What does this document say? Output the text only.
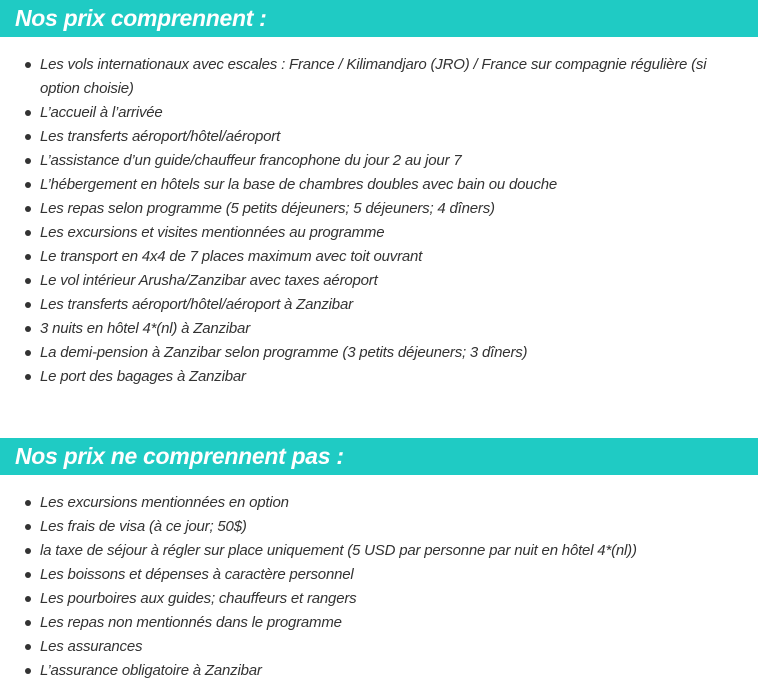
Nos prix comprennent :
Les vols internationaux avec escales : France / Kilimandjaro (JRO) / France sur compagnie régulière (si option choisie)
L’accueil à l’arrivée
Les transferts aéroport/hôtel/aéroport
L’assistance d’un guide/chauffeur francophone du jour 2 au jour 7
L’hébergement en hôtels sur la base de chambres doubles avec bain ou douche
Les repas selon programme (5 petits déjeuners; 5 déjeuners; 4 dîners)
Les excursions et visites mentionnées au programme
Le transport en 4x4 de 7 places maximum avec toit ouvrant
Le vol intérieur Arusha/Zanzibar avec taxes aéroport
Les transferts aéroport/hôtel/aéroport à Zanzibar
3 nuits en hôtel 4*(nl) à Zanzibar
La demi-pension à Zanzibar selon programme (3 petits déjeuners; 3 dîners)
Le port des bagages à Zanzibar
Nos prix ne comprennent pas :
Les excursions mentionnées en option
Les frais de visa (à ce jour; 50$)
la taxe de séjour à régler sur place uniquement (5 USD par personne par nuit en hôtel 4*(nl))
Les boissons et dépenses à caractère personnel
Les pourboires aux guides; chauffeurs et rangers
Les repas non mentionnés dans le programme
Les assurances
L’assurance obligatoire à Zanzibar
